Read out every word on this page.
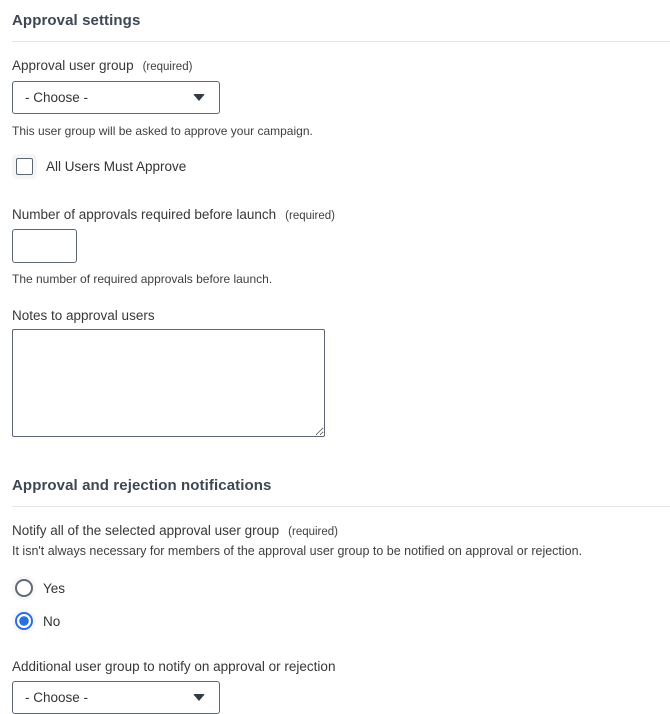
Approval settings
Approval user group (required)
- Choose -
This user group will be asked to approve your campaign.
All Users Must Approve
Number of approvals required before launch (required)
The number of required approvals before launch.
Notes to approval users
Approval and rejection notifications
Notify all of the selected approval user group (required)
It isn't always necessary for members of the approval user group to be notified on approval or rejection.
Yes
No
Additional user group to notify on approval or rejection
- Choose -
